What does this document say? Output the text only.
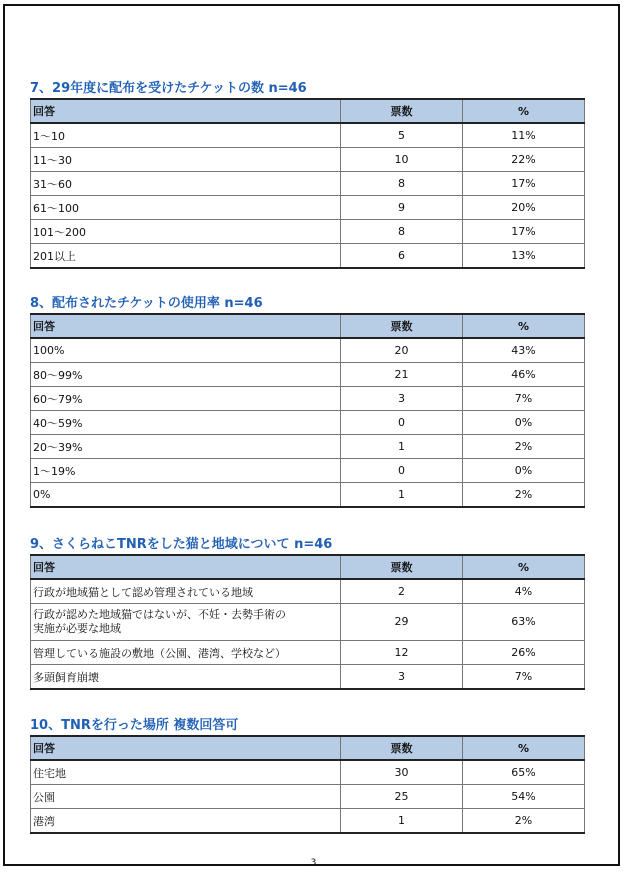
7、29年度に配布を受けたチケットの数 n=46
回答	票数	%
1～10	5	11%
11～30	10	22%
31～60	8	17%
61～100	9	20%
101～200	8	17%
201以上	6	13%
8、配布されたチケットの使用率 n=46
回答	票数	%
100%	20	43%
80～99%	21	46%
60～79%	3	7%
40～59%	0	0%
20～39%	1	2%
1～19%	0	0%
0%	1	2%
9、さくらねこTNRをした猫と地域について n=46
回答	票数	%
行政が地域猫として認め管理されている地域	2	4%

行政が認めた地域猫ではないが、不妊・去勢手術の
実施が必要な地域	29	63%
管理している施設の敷地（公園、港湾、学校など）	12	26%
多頭飼育崩壊	3	7%
10、TNRを行った場所 複数回答可
回答	票数	%
住宅地	30	65%
公園	25	54%
港湾	1	2%
3
